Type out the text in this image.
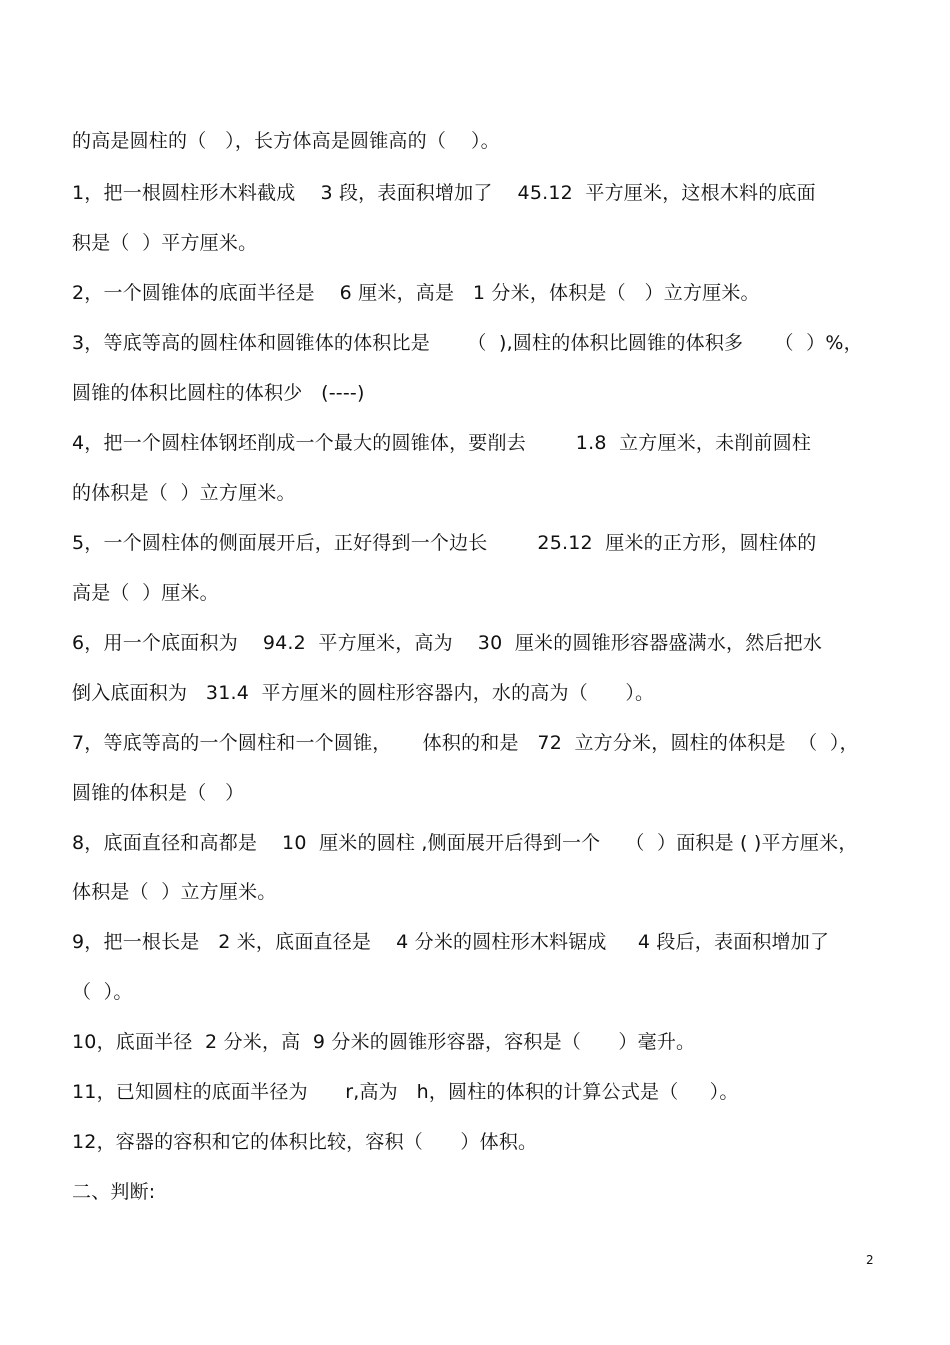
的高是圆柱的（   ），长方体高是圆锥高的（    ）。
1，把一根圆柱形木料截成    3 段，表面积增加了    45.12  平方厘米，这根木料的底面
积是（  ）平方厘米。
2，一个圆锥体的底面半径是    6 厘米，高是   1 分米，体积是（   ）立方厘米。
3，等底等高的圆柱体和圆锥体的体积比是      （  ),圆柱的体积比圆锥的体积多     （  ）%，
圆锥的体积比圆柱的体积少   (----)
4，把一个圆柱体钢坯削成一个最大的圆锥体，要削去        1.8  立方厘米，未削前圆柱
的体积是（  ）立方厘米。
5，一个圆柱体的侧面展开后，正好得到一个边长        25.12  厘米的正方形，圆柱体的
高是（  ）厘米。
6，用一个底面积为    94.2  平方厘米，高为    30  厘米的圆锥形容器盛满水，然后把水
倒入底面积为   31.4  平方厘米的圆柱形容器内，水的高为（      ）。
7，等底等高的一个圆柱和一个圆锥，     体积的和是   72  立方分米，圆柱的体积是  （  ），
圆锥的体积是（   ）
8，底面直径和高都是    10  厘米的圆柱 ,侧面展开后得到一个    （  ）面积是 ( )平方厘米，
体积是（  ）立方厘米。
9，把一根长是   2 米，底面直径是    4 分米的圆柱形木料锯成     4 段后，表面积增加了
（  ）。
10，底面半径  2 分米，高  9 分米的圆锥形容器，容积是（      ）毫升。
11，已知圆柱的底面半径为      r,高为   h，圆柱的体积的计算公式是（     ）。
12，容器的容积和它的体积比较，容积（      ）体积。
二、判断:
2
